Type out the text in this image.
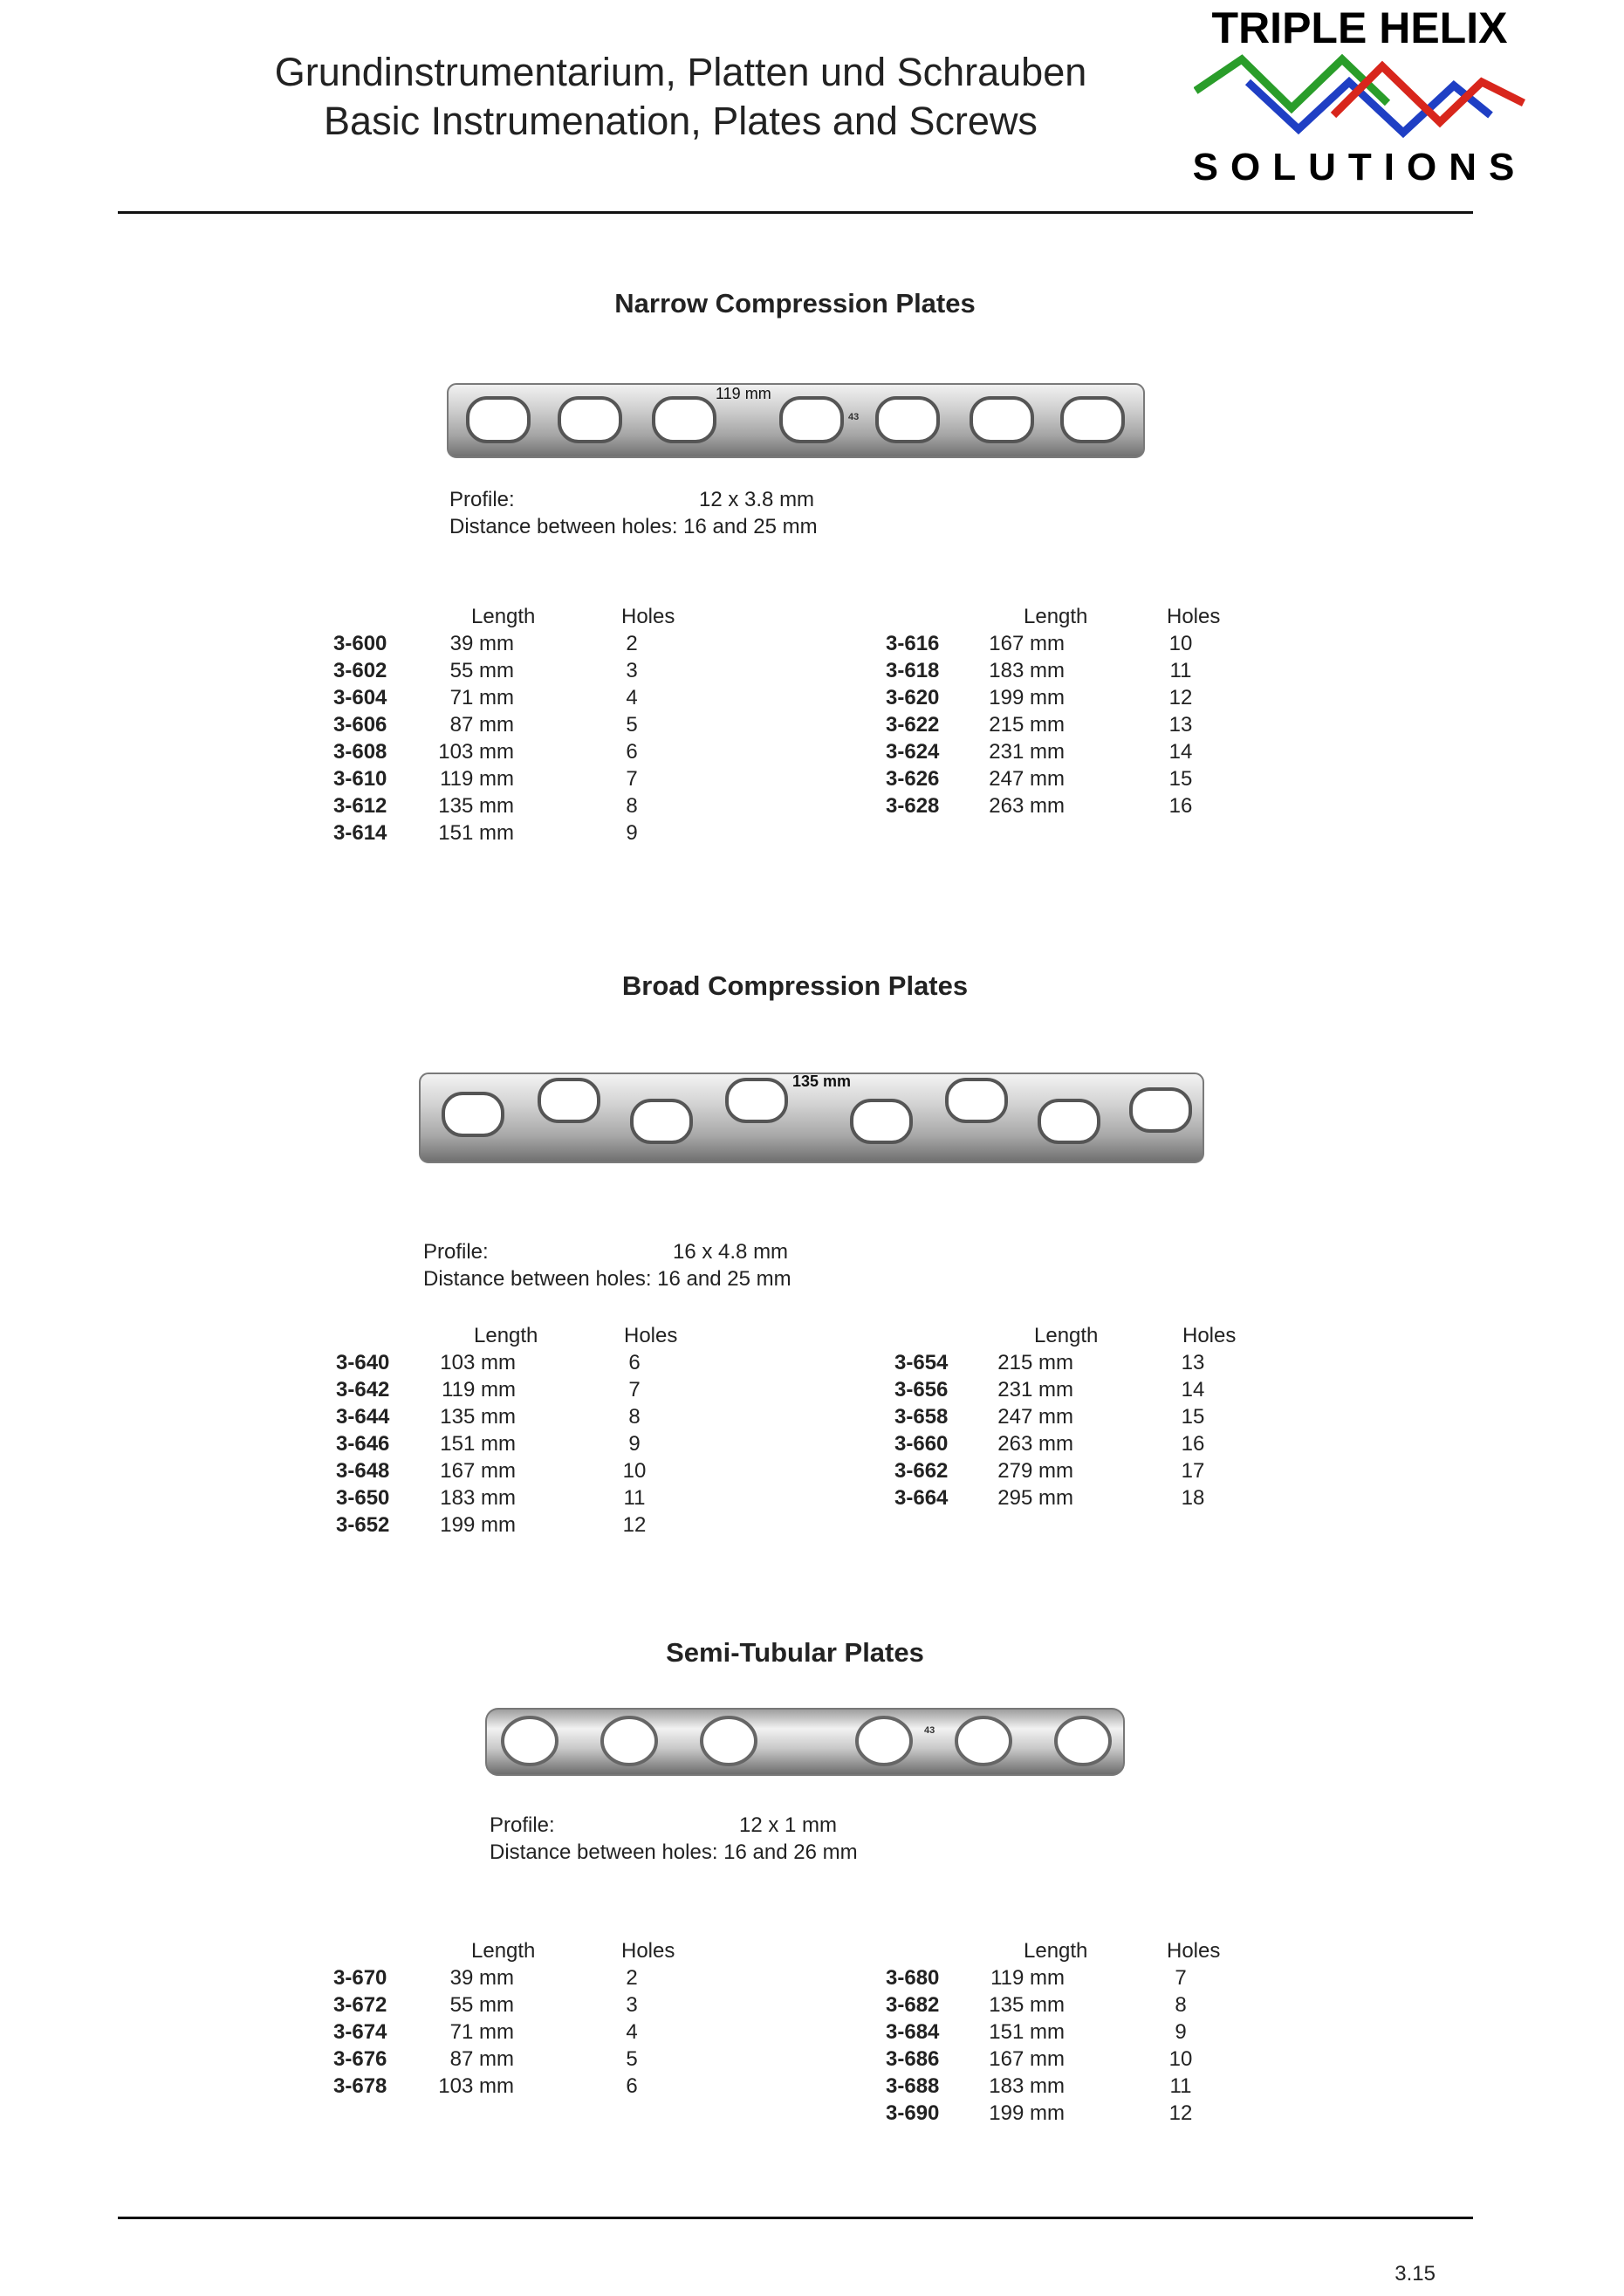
Grundinstrumentarium, Platten und Schrauben
Basic Instrumenation, Plates and Screws
TRIPLE HELIX
SOLUTIONS
Narrow Compression Plates
119 mm
43
Profile:	12 x 3.8 mm
Distance between holes: 16 and 25 mm
Length	Holes
3-600	39 mm	2
3-602	55 mm	3
3-604	71 mm	4
3-606	87 mm	5
3-608	103 mm	6
3-610	119 mm	7
3-612	135 mm	8
3-614	151 mm	9
Length	Holes
3-616	167 mm	10
3-618	183 mm	11
3-620	199 mm	12
3-622	215 mm	13
3-624	231 mm	14
3-626	247 mm	15
3-628	263 mm	16
Broad Compression Plates
135 mm
Profile:	16 x 4.8 mm
Distance between holes: 16 and 25 mm
Length	Holes
3-640	103 mm	6
3-642	119 mm	7
3-644	135 mm	8
3-646	151 mm	9
3-648	167 mm	10
3-650	183 mm	11
3-652	199 mm	12
Length	Holes
3-654	215 mm	13
3-656	231 mm	14
3-658	247 mm	15
3-660	263 mm	16
3-662	279 mm	17
3-664	295 mm	18
Semi-Tubular Plates
43
Profile:	12 x 1 mm
Distance between holes: 16 and 26 mm
Length	Holes
3-670	39 mm	2
3-672	55 mm	3
3-674	71 mm	4
3-676	87 mm	5
3-678	103 mm	6
Length	Holes
3-680	119 mm	7
3-682	135 mm	8
3-684	151 mm	9
3-686	167 mm	10
3-688	183 mm	11
3-690	199 mm	12
3.15
